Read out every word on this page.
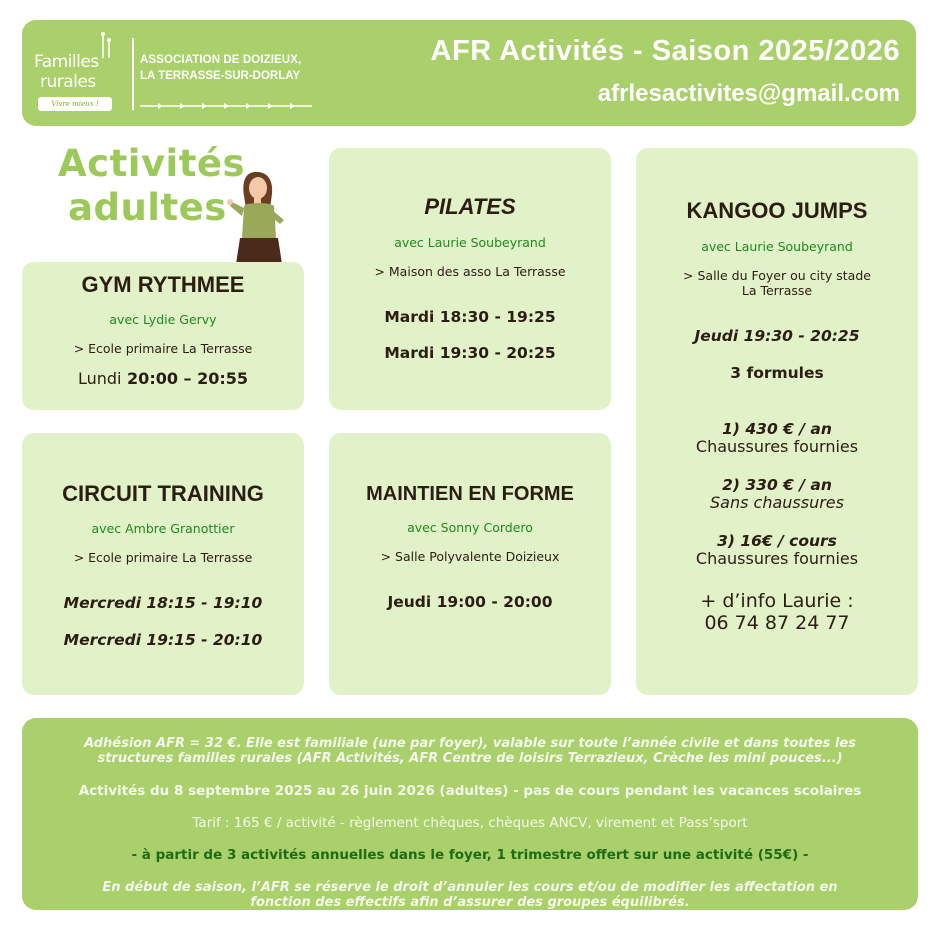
Familles
rurales
Vivre mieux !
ASSOCIATION DE DOIZIEUX,
LA TERRASSE-SUR-DORLAY
AFR Activités - Saison 2025/2026
afrlesactivites@gmail.com
Activités
adultes
GYM RYTHMEE
avec Lydie Gervy
> Ecole primaire La Terrasse
Lundi 20:00 – 20:55
PILATES
avec Laurie Soubeyrand
> Maison des asso La Terrasse
Mardi 18:30 - 19:25
Mardi 19:30 - 20:25
KANGOO JUMPS
avec Laurie Soubeyrand
> Salle du Foyer ou city stade
La Terrasse
Jeudi 19:30 - 20:25
3 formules
1) 430 € / an
Chaussures fournies
2) 330 € / an
Sans chaussures
3) 16€ / cours
Chaussures fournies
+ d’info Laurie :
06 74 87 24 77
CIRCUIT TRAINING
avec Ambre Granottier
> Ecole primaire La Terrasse
Mercredi 18:15 - 19:10
Mercredi 19:15 - 20:10
MAINTIEN EN FORME
avec Sonny Cordero
> Salle Polyvalente Doizieux
Jeudi 19:00 - 20:00
Adhésion AFR = 32 €. Elle est familiale (une par foyer), valable sur toute l’année civile et dans toutes les
structures familles rurales (AFR Activités, AFR Centre de loisirs Terrazieux, Crèche les mini pouces...)
Activités du 8 septembre 2025 au 26 juin 2026 (adultes) - pas de cours pendant les vacances scolaires
Tarif : 165 € / activité - règlement chèques, chèques ANCV, virement et Pass’sport
- à partir de 3 activités annuelles dans le foyer, 1 trimestre offert sur une activité (55€) -
En début de saison, l’AFR se réserve le droit d’annuler les cours et/ou de modifier les affectation en
fonction des effectifs afin d’assurer des groupes équilibrés.
